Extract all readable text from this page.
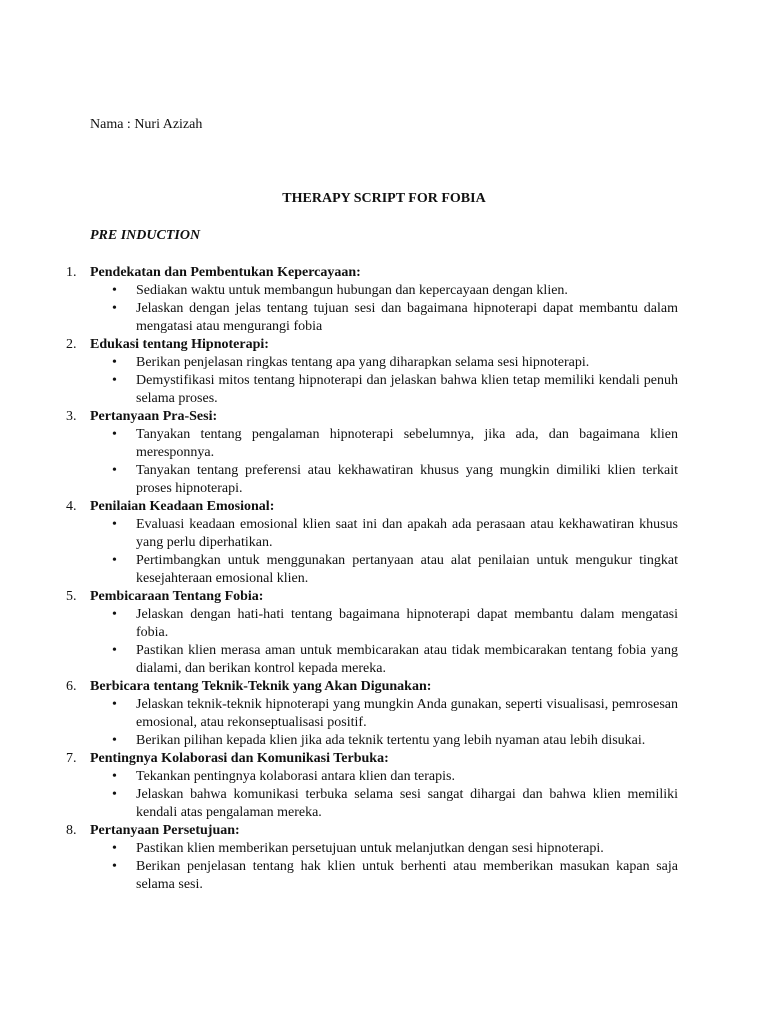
Nama : Nuri Azizah
THERAPY SCRIPT FOR FOBIA
PRE INDUCTION
1. Pendekatan dan Pembentukan Kepercayaan:
• Sediakan waktu untuk membangun hubungan dan kepercayaan dengan klien.
• Jelaskan dengan jelas tentang tujuan sesi dan bagaimana hipnoterapi dapat membantu dalam mengatasi atau mengurangi fobia
2. Edukasi tentang Hipnoterapi:
• Berikan penjelasan ringkas tentang apa yang diharapkan selama sesi hipnoterapi.
• Demystifikasi mitos tentang hipnoterapi dan jelaskan bahwa klien tetap memiliki kendali penuh selama proses.
3. Pertanyaan Pra-Sesi:
• Tanyakan tentang pengalaman hipnoterapi sebelumnya, jika ada, dan bagaimana klien meresponnya.
• Tanyakan tentang preferensi atau kekhawatiran khusus yang mungkin dimiliki klien terkait proses hipnoterapi.
4. Penilaian Keadaan Emosional:
• Evaluasi keadaan emosional klien saat ini dan apakah ada perasaan atau kekhawatiran khusus yang perlu diperhatikan.
• Pertimbangkan untuk menggunakan pertanyaan atau alat penilaian untuk mengukur tingkat kesejahteraan emosional klien.
5. Pembicaraan Tentang Fobia:
• Jelaskan dengan hati-hati tentang bagaimana hipnoterapi dapat membantu dalam mengatasi fobia.
• Pastikan klien merasa aman untuk membicarakan atau tidak membicarakan tentang fobia yang dialami, dan berikan kontrol kepada mereka.
6. Berbicara tentang Teknik-Teknik yang Akan Digunakan:
• Jelaskan teknik-teknik hipnoterapi yang mungkin Anda gunakan, seperti visualisasi, pemrosesan emosional, atau rekonseptualisasi positif.
• Berikan pilihan kepada klien jika ada teknik tertentu yang lebih nyaman atau lebih disukai.
7. Pentingnya Kolaborasi dan Komunikasi Terbuka:
• Tekankan pentingnya kolaborasi antara klien dan terapis.
• Jelaskan bahwa komunikasi terbuka selama sesi sangat dihargai dan bahwa klien memiliki kendali atas pengalaman mereka.
8. Pertanyaan Persetujuan:
• Pastikan klien memberikan persetujuan untuk melanjutkan dengan sesi hipnoterapi.
• Berikan penjelasan tentang hak klien untuk berhenti atau memberikan masukan kapan saja selama sesi.
